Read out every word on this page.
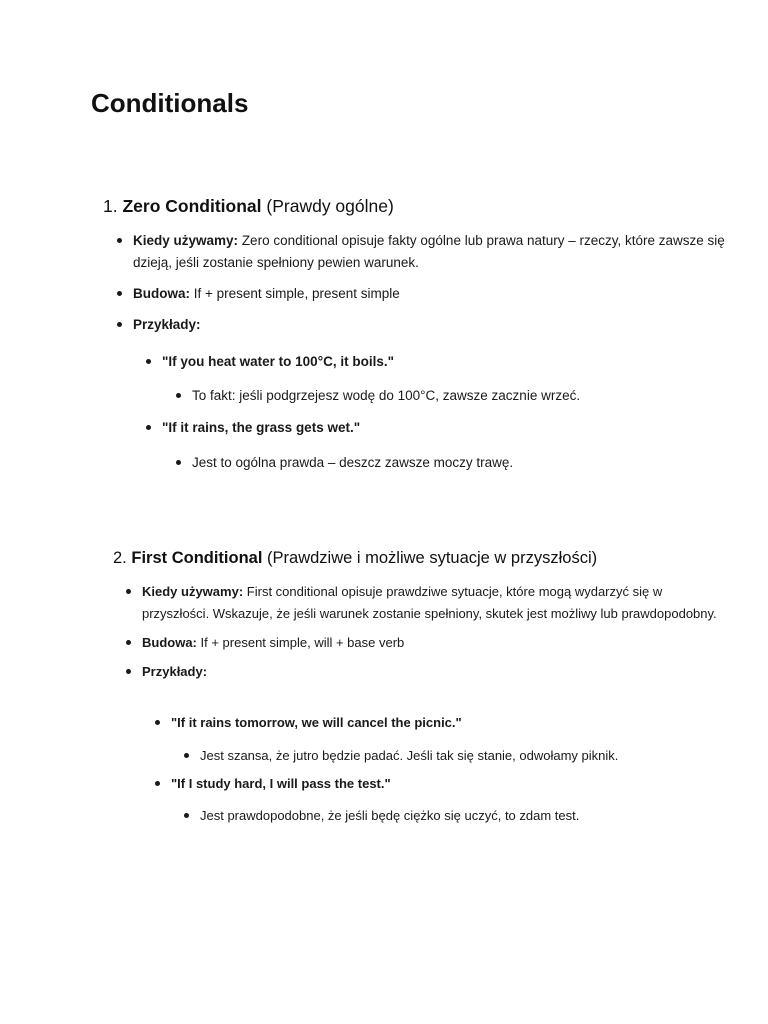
Conditionals
1. Zero Conditional (Prawdy ogólne)
Kiedy używamy: Zero conditional opisuje fakty ogólne lub prawa natury – rzeczy, które zawsze się dzieją, jeśli zostanie spełniony pewien warunek.
Budowa: If + present simple, present simple
Przykłady:
"If you heat water to 100°C, it boils."
To fakt: jeśli podgrzejesz wodę do 100°C, zawsze zacznie wrzeć.
"If it rains, the grass gets wet."
Jest to ogólna prawda – deszcz zawsze moczy trawę.
2. First Conditional (Prawdziwe i możliwe sytuacje w przyszłości)
Kiedy używamy: First conditional opisuje prawdziwe sytuacje, które mogą wydarzyć się w przyszłości. Wskazuje, że jeśli warunek zostanie spełniony, skutek jest możliwy lub prawdopodobny.
Budowa: If + present simple, will + base verb
Przykłady:
"If it rains tomorrow, we will cancel the picnic."
Jest szansa, że jutro będzie padać. Jeśli tak się stanie, odwołamy piknik.
"If I study hard, I will pass the test."
Jest prawdopodobne, że jeśli będę ciężko się uczyć, to zdam test.
